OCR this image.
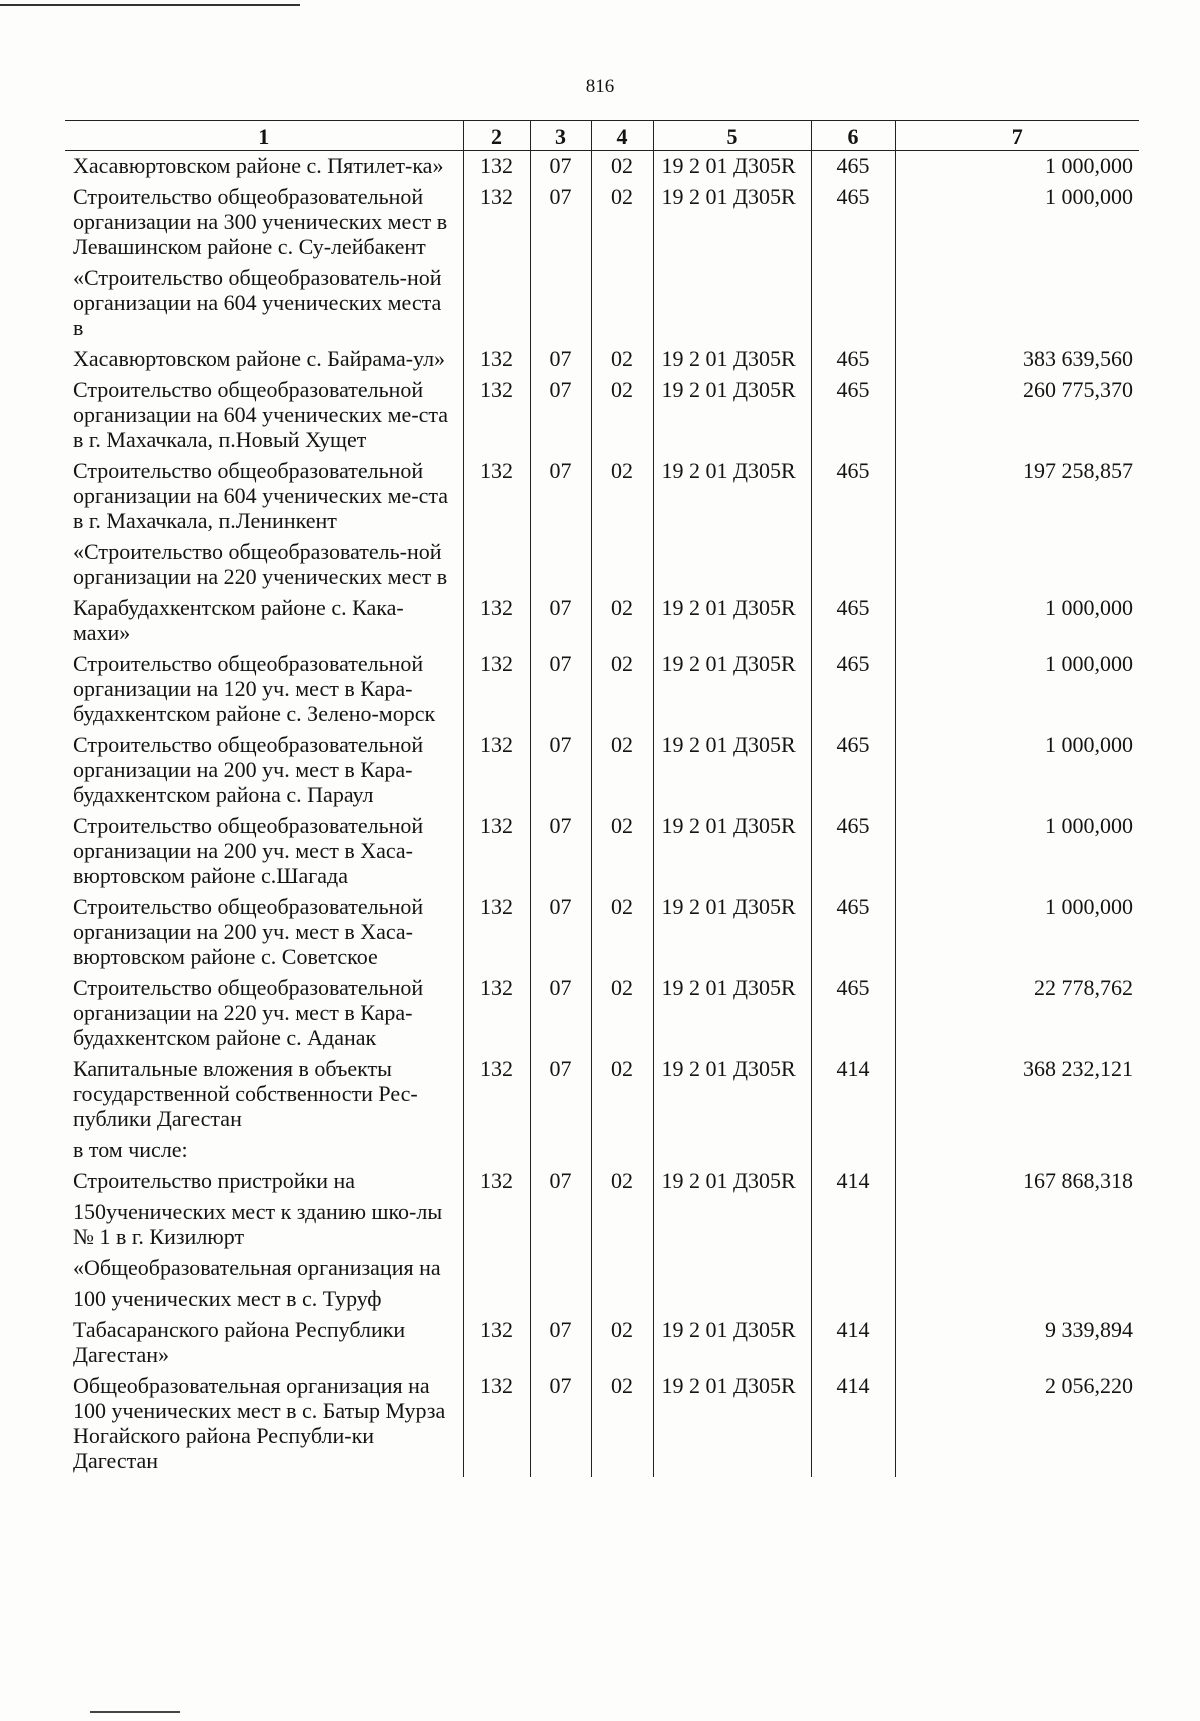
816
1	2	3	4	5	6	7
Хасавюртовском районе с. Пятилет-ка»	132	07	02	19 2 01 Д305R	465	1 000,000
Строительство общеобразовательной организации на 300 ученических мест в Левашинском районе с. Су-лейбакент	132	07	02	19 2 01 Д305R	465	1 000,000
«Строительство общеобразователь-ной организации на 604 ученических места в						
Хасавюртовском районе с. Байрама-ул»	132	07	02	19 2 01 Д305R	465	383 639,560
Строительство общеобразовательной организации на 604 ученических ме-ста в г. Махачкала, п.Новый Хущет	132	07	02	19 2 01 Д305R	465	260 775,370
Строительство общеобразовательной организации на 604 ученических ме-ста в г. Махачкала, п.Ленинкент	132	07	02	19 2 01 Д305R	465	197 258,857
«Строительство общеобразователь-ной организации на 220 ученических мест в						
Карабудахкентском районе с. Кака-махи»	132	07	02	19 2 01 Д305R	465	1 000,000
Строительство общеобразовательной организации на 120 уч. мест в Кара-будахкентском районе с. Зелено-морск	132	07	02	19 2 01 Д305R	465	1 000,000
Строительство общеобразовательной организации на 200 уч. мест в Кара-будахкентском района с. Параул	132	07	02	19 2 01 Д305R	465	1 000,000
Строительство общеобразовательной организации на 200 уч. мест в Хаса-вюртовском районе с.Шагада	132	07	02	19 2 01 Д305R	465	1 000,000
Строительство общеобразовательной организации на 200 уч. мест в Хаса-вюртовском районе с. Советское	132	07	02	19 2 01 Д305R	465	1 000,000
Строительство общеобразовательной организации на 220 уч. мест в Кара-будахкентском районе с. Аданак	132	07	02	19 2 01 Д305R	465	22 778,762
Капитальные вложения в объекты государственной собственности Рес-публики Дагестан	132	07	02	19 2 01 Д305R	414	368 232,121
в том числе:						
Строительство пристройки на	132	07	02	19 2 01 Д305R	414	167 868,318
150ученических мест к зданию шко-лы № 1 в г. Кизилюрт						
«Общеобразовательная организация на						
100 ученических мест в с. Туруф						
Табасаранского района Республики Дагестан»	132	07	02	19 2 01 Д305R	414	9 339,894
Общеобразовательная организация на 100 ученических мест в с. Батыр Мурза Ногайского района Республи-ки Дагестан	132	07	02	19 2 01 Д305R	414	2 056,220
